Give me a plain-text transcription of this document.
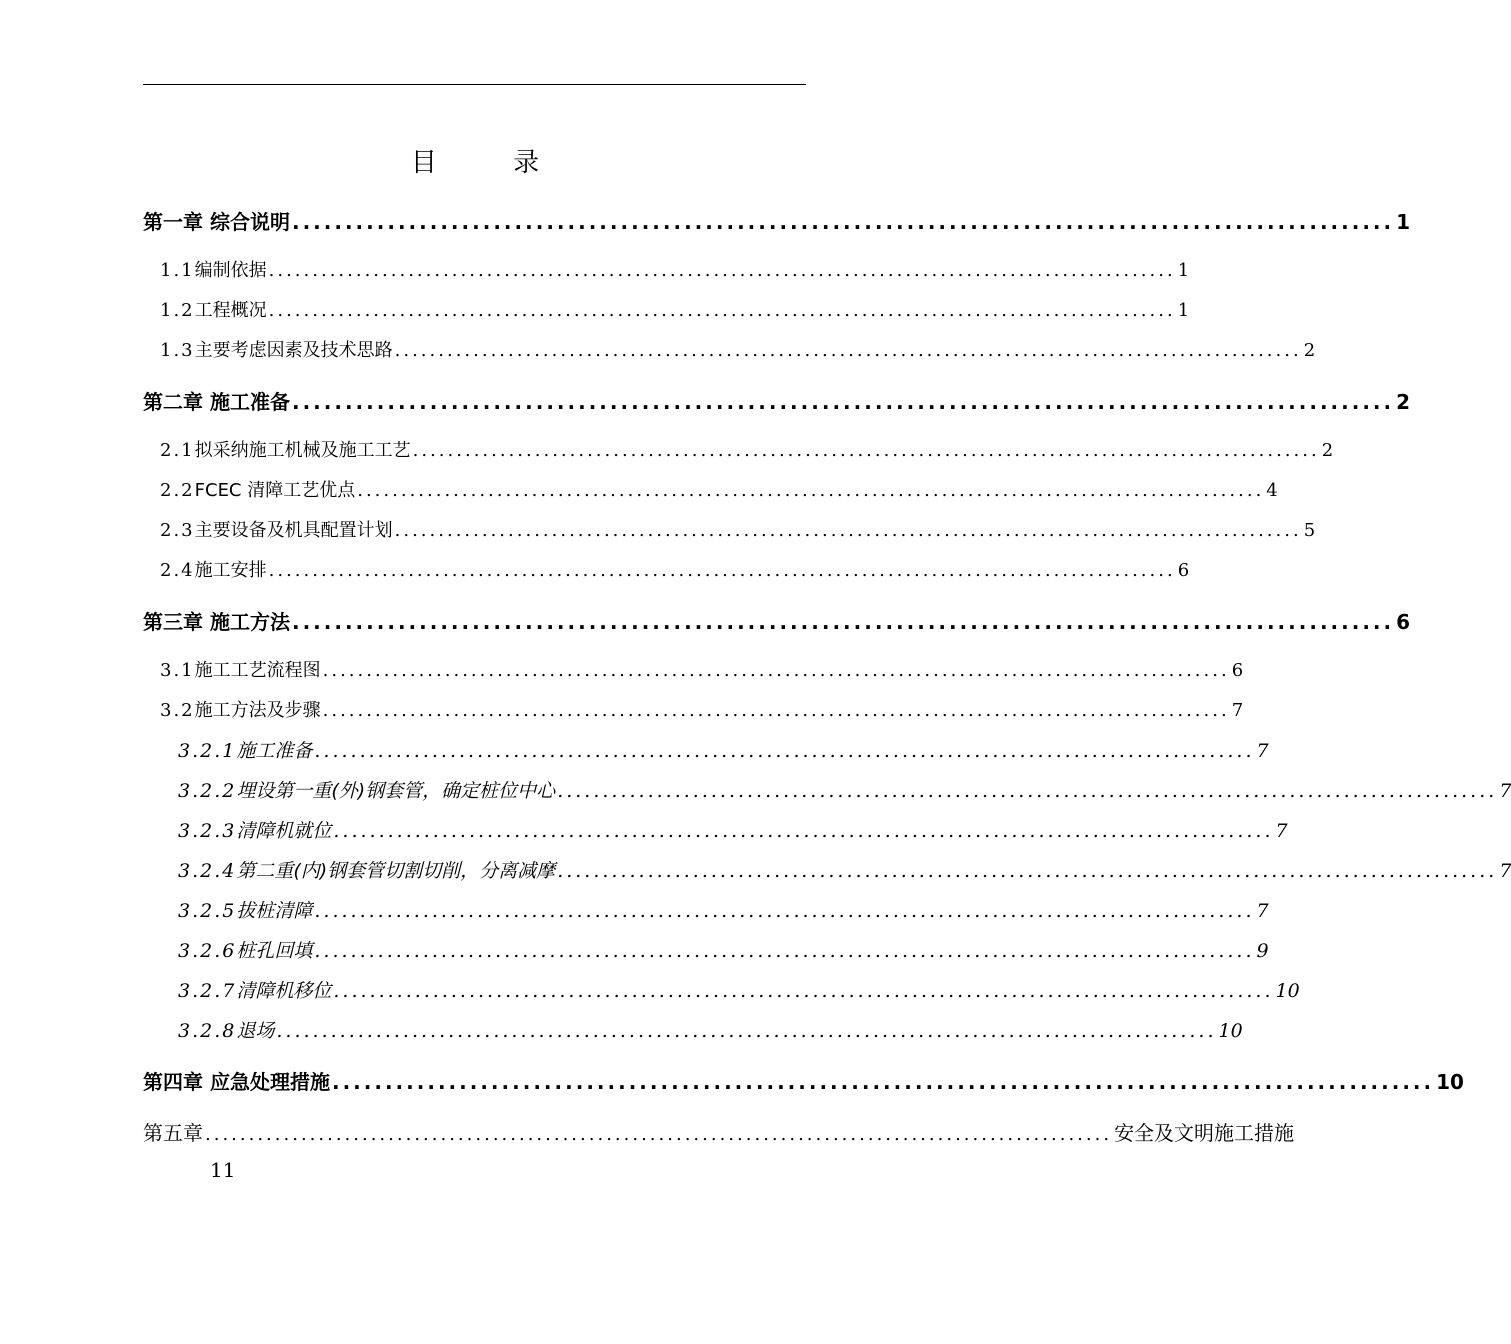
目 录
第一章 综合说明 ........................................................................................................ 1
1.1 编制依据 ........................................................................................................ 1
1.2 工程概况 ........................................................................................................ 1
1.3 主要考虑因素及技术思路 ........................................................................................................ 2
第二章 施工准备 ........................................................................................................ 2
2.1 拟采纳施工机械及施工工艺 ........................................................................................................ 2
2.2 FCEC 清障工艺优点 ........................................................................................................ 4
2.3 主要设备及机具配置计划 ........................................................................................................ 5
2.4 施工安排 ........................................................................................................ 6
第三章 施工方法 ........................................................................................................ 6
3.1 施工工艺流程图 ........................................................................................................ 6
3.2 施工方法及步骤 ........................................................................................................ 7
3.2.1 施工准备 ........................................................................................................ 7
3.2.2 埋设第一重(外)钢套管，确定桩位中心 ........................................................................................................ 7
3.2.3 清障机就位 ........................................................................................................ 7
3.2.4 第二重(内)钢套管切割切削，分离减摩 ........................................................................................................ 7
3.2.5 拔桩清障 ........................................................................................................ 7
3.2.6 桩孔回填 ........................................................................................................ 9
3.2.7 清障机移位 ........................................................................................................ 10
3.2.8 退场 ........................................................................................................ 10
第四章 应急处理措施 ........................................................................................................ 10
第五章 ........................................................................................................ 安全及文明施工措施
11
